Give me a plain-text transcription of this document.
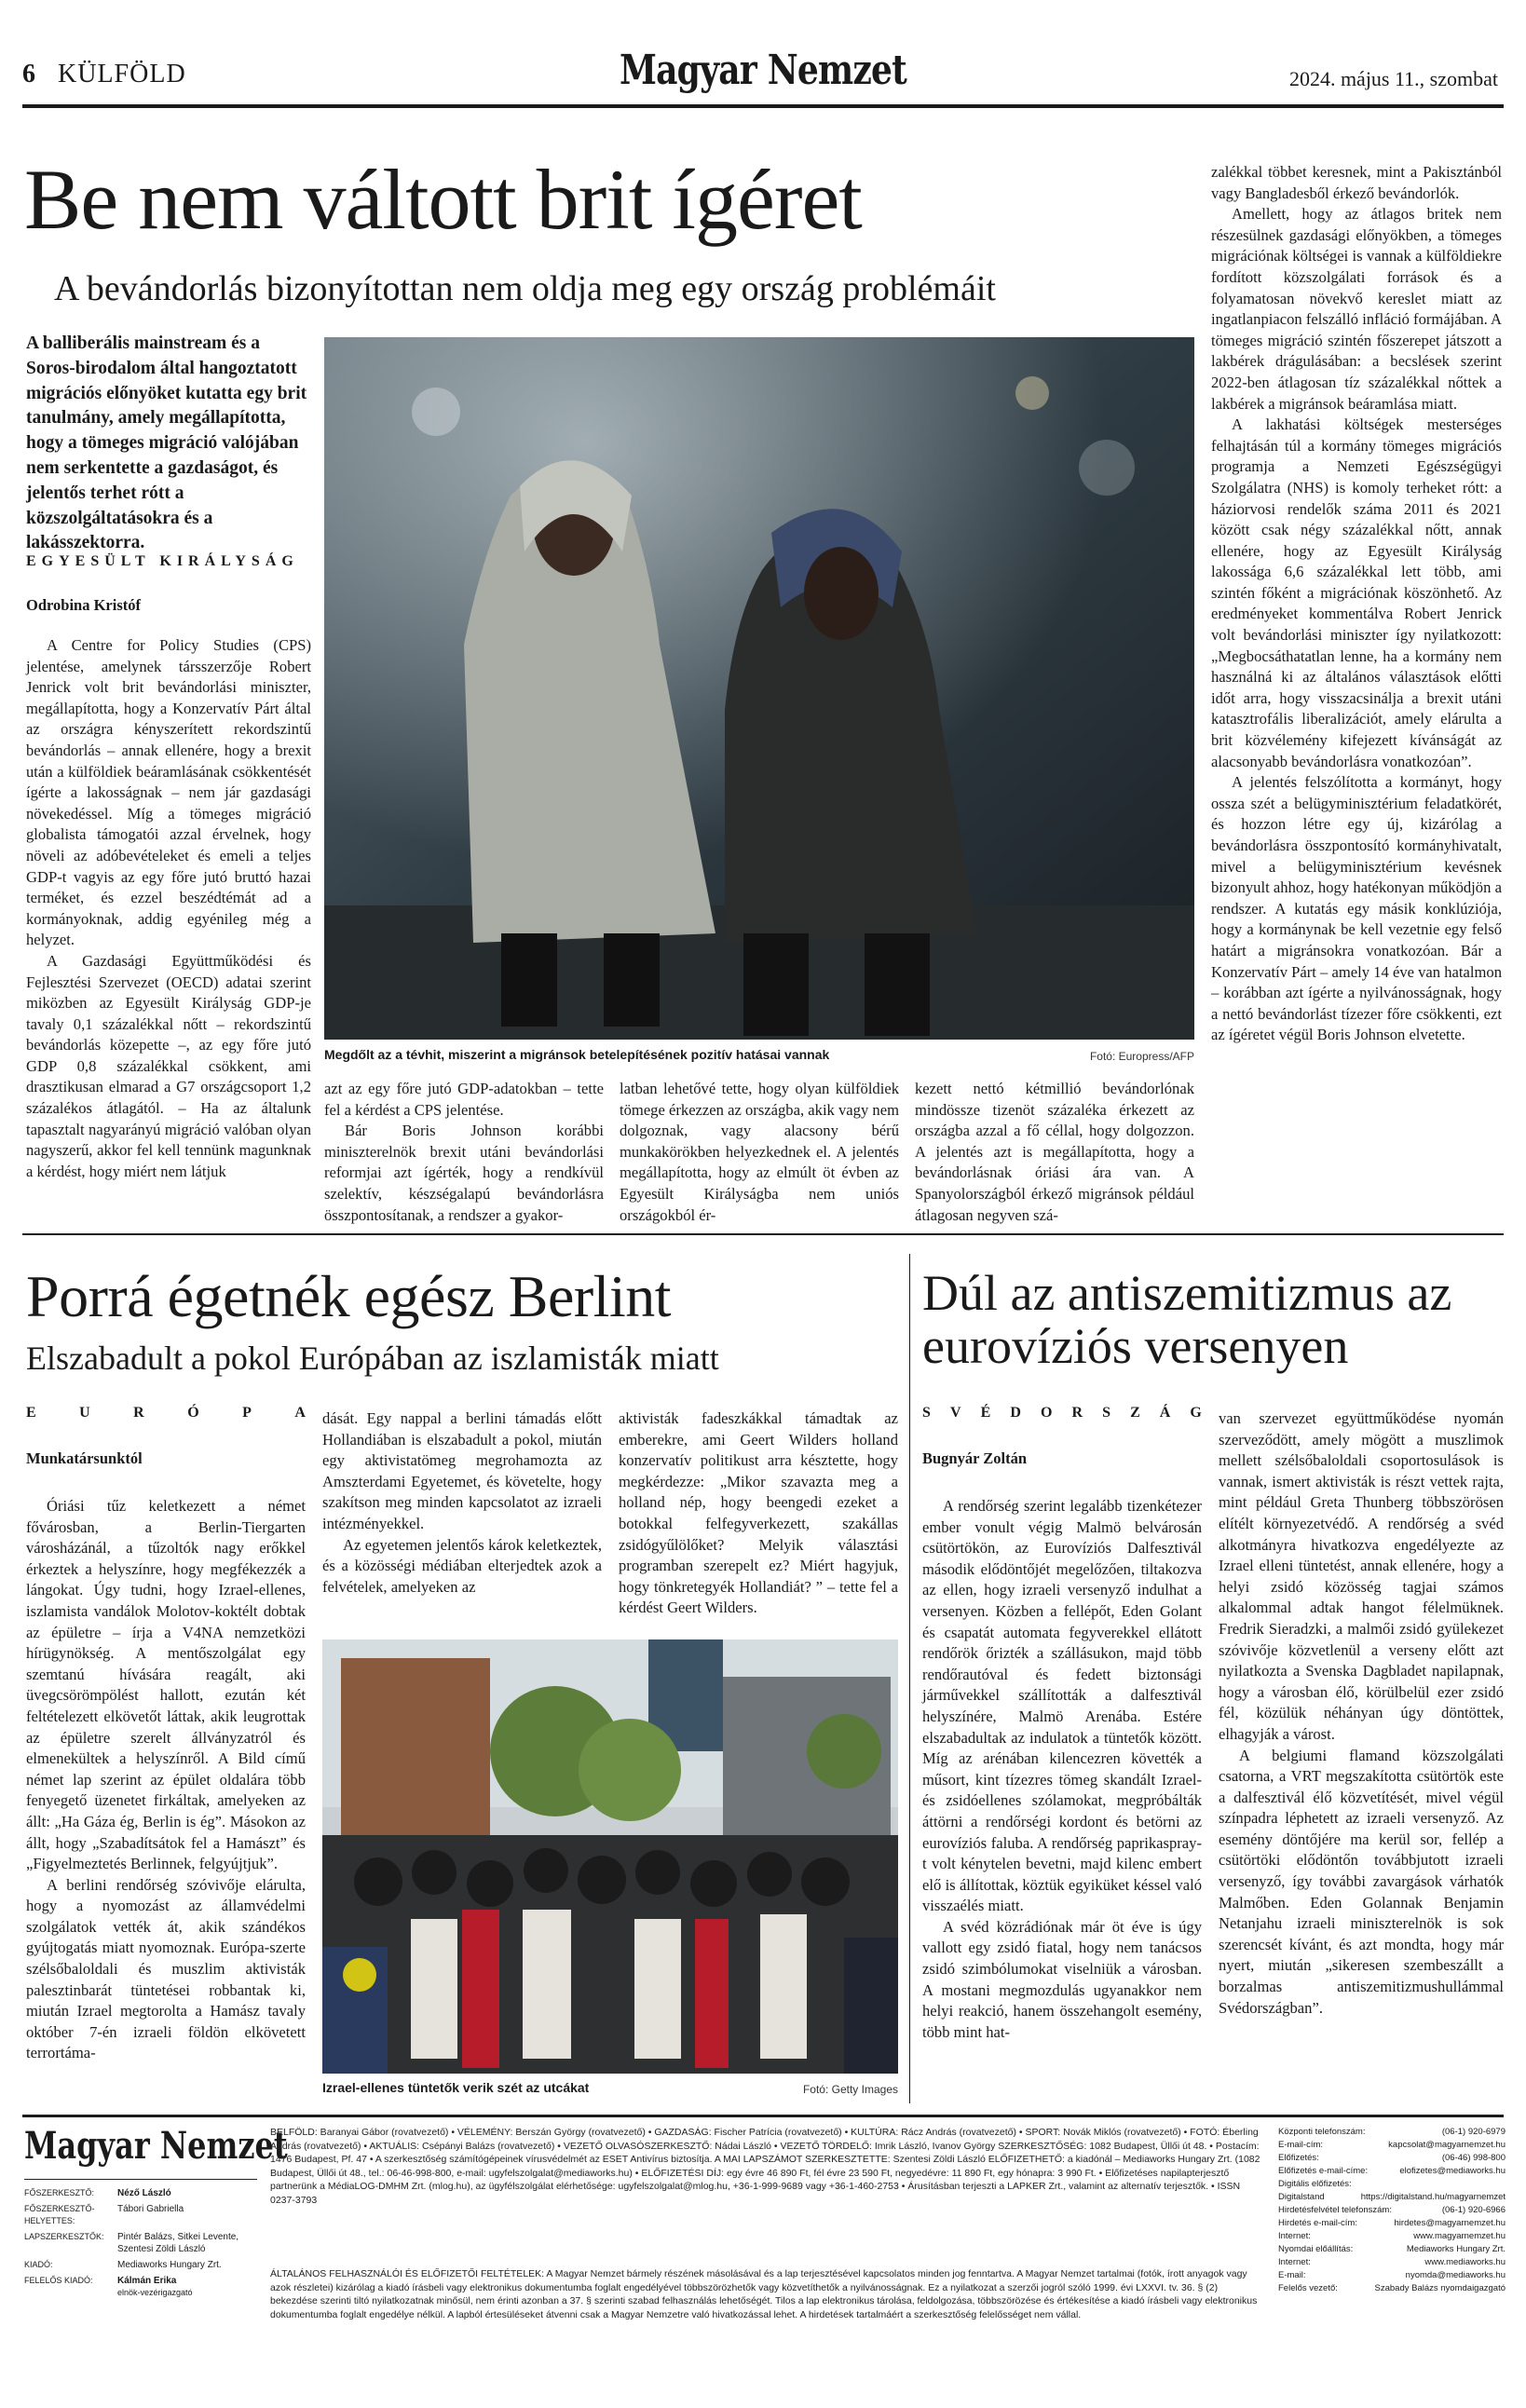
6 KÜLFÖLD	Magyar Nemzet	2024. május 11., szombat
Be nem váltott brit ígéret
A bevándorlás bizonyítottan nem oldja meg egy ország problémáit
A balliberális mainstream és a Soros-birodalom által hangoztatott migrációs előnyöket kutatta egy brit tanulmány, amely megállapította, hogy a tömeges migráció valójában nem serkentette a gazdaságot, és jelentős terhet rótt a közszolgáltatásokra és a lakásszektorra.
EGYESÜLT KIRÁLYSÁG
Odrobina Kristóf

A Centre for Policy Studies (CPS) jelentése, amelynek társszerzője Robert Jenrick volt brit bevándorlási miniszter, megállapította, hogy a Konzervatív Párt által az országra kényszerített rekordszintű bevándorlás – annak ellenére, hogy a brexit után a külföldiek beáramlásának csökkentését ígérte a lakosságnak – nem jár gazdasági növekedéssel. Míg a tömeges migráció globalista támogatói azzal érvelnek, hogy növeli az adóbevételeket és emeli a teljes GDP-t vagyis az egy főre jutó bruttó hazai terméket, és ezzel beszédtémát ad a kormányoknak, addig egyénileg még a helyzet.

A Gazdasági Együttműködési és Fejlesztési Szervezet (OECD) adatai szerint miközben az Egyesült Királyság GDP-je tavaly 0,1 százalékkal nőtt – rekordszintű bevándorlás közepette –, az egy főre jutó GDP 0,8 százalékkal csökkent, ami drasztikusan elmarad a G7 országcsoport 1,2 százalékos átlagától. – Ha az általunk tapasztalt nagyarányú migráció valóban olyan nagyszerű, akkor fel kell tennünk magunknak a kérdést, hogy miért nem látjuk

Megdőlt az a tévhit, miszerint a migránsok betelepítésének pozitív hatásai vannak	Fotó: Europress/AFP

azt az egy főre jutó GDP-adatokban – tette fel a kérdést a CPS jelentése.

Bár Boris Johnson korábbi miniszterelnök brexit utáni bevándorlási reformjai azt ígérték, hogy a rendkívül szelektív, készségalapú bevándorlásra összpontosítanak, a rendszer a gyakor-

latban lehetővé tette, hogy olyan külföldiek tömege érkezzen az országba, akik vagy nem dolgoznak, vagy alacsony bérű munkakörökben helyezkednek el. A jelentés megállapította, hogy az elmúlt öt évben az Egyesült Királyságba nem uniós országokból ér-

kezett nettó kétmillió bevándorlónak mindössze tizenöt százaléka érkezett az országba azzal a fő céllal, hogy dolgozzon. A jelentés azt is megállapította, hogy a bevándorlásnak óriási ára van. A Spanyolországból érkező migránsok például átlagosan negyven szá-

zalékkal többet keresnek, mint a Pakisztánból vagy Bangladesből érkező bevándorlók.

Amellett, hogy az átlagos britek nem részesülnek gazdasági előnyökben, a tömeges migrációnak költségei is vannak a külföldiekre fordított közszolgálati források és a folyamatosan növekvő kereslet miatt az ingatlanpiacon felszálló infláció formájában. A tömeges migráció szintén főszerepet játszott a lakbérek drágulásában: a becslések szerint 2022-ben átlagosan tíz százalékkal nőttek a lakbérek a migránsok beáramlása miatt.

A lakhatási költségek mesterséges felhajtásán túl a kormány tömeges migrációs programja a Nemzeti Egészségügyi Szolgálatra (NHS) is komoly terheket rótt: a háziorvosi rendelők száma 2011 és 2021 között csak négy százalékkal nőtt, annak ellenére, hogy az Egyesült Királyság lakossága 6,6 százalékkal lett több, ami szintén főként a migrációnak köszönhető. Az eredményeket kommentálva Robert Jenrick volt bevándorlási miniszter így nyilatkozott: „Megbocsáthatatlan lenne, ha a kormány nem használná ki az általános választások előtti időt arra, hogy visszacsinálja a brexit utáni katasztrofális liberalizációt, amely elárulta a brit közvélemény kifejezett kívánságát az alacsonyabb bevándorlásra vonatkozóan”.

A jelentés felszólította a kormányt, hogy ossza szét a belügyminisztérium feladatkörét, és hozzon létre egy új, kizárólag a bevándorlásra összpontosító kormányhivatalt, mivel a belügyminisztérium kevésnek bizonyult ahhoz, hogy hatékonyan működjön a rendszer. A kutatás egy másik konklúziója, hogy a kormánynak be kell vezetnie egy felső határt a migránsokra vonatkozóan. Bár a Konzervatív Párt – amely 14 éve van hatalmon – korábban azt ígérte a nyilvánosságnak, hogy a nettó bevándorlást tízezer főre csökkenti, ezt az ígéretet végül Boris Johnson elvetette.

Porrá égetnék egész Berlint
Elszabadult a pokol Európában az iszlamisták miatt
E	U	R	Ó	P	A
Munkatársunktól

Óriási tűz keletkezett a német fővárosban, a Berlin-Tiergarten városházánál, a tűzoltók nagy erőkkel érkeztek a helyszínre, hogy megfékezzék a lángokat. Úgy tudni, hogy Izrael-ellenes, iszlamista vandálok Molotov-koktélt dobtak az épületre – írja a V4NA nemzetközi hírügynökség. A mentőszolgálat egy szemtanú hívására reagált, aki üvegcsörömpölést hallott, ezután két feltételezett elkövetőt láttak, akik leugrottak az épületre szerelt állványzatról és elmenekültek a helyszínről. A Bild című német lap szerint az épület oldalára több fenyegető üzenetet firkáltak, amelyeken az állt: „Ha Gáza ég, Berlin is ég”. Másokon az állt, hogy „Szabadítsátok fel a Hamászt” és „Figyelmeztetés Berlinnek, felgyújtjuk”.

A berlini rendőrség szóvivője elárulta, hogy a nyomozást az államvédelmi szolgálatok vették át, akik szándékos gyújtogatás miatt nyomoznak. Európa-szerte szélsőbaloldali és muszlim aktivisták palesztinbarát tüntetései robbantak ki, miután Izrael megtorolta a Hamász tavaly október 7-én izraeli földön elkövetett terrortáma-

dását. Egy nappal a berlini támadás előtt Hollandiában is elszabadult a pokol, miután egy aktivistatömeg megrohamozta az Amszterdami Egyetemet, és követelte, hogy szakítson meg minden kapcsolatot az izraeli intézményekkel.

Az egyetemen jelentős károk keletkeztek, és a közösségi médiában elterjedtek azok a felvételek, amelyeken az

aktivisták fadeszkákkal támadtak az emberekre, ami Geert Wilders holland konzervatív politikust arra késztette, hogy megkérdezze: „Mikor szavazta meg a holland nép, hogy beengedi ezeket a botokkal felfegyverkezett, szakállas zsidógyűlölőket? Melyik választási programban szerepelt ez? Miért hagyjuk, hogy tönkretegyék Hollandiát? ” – tette fel a kérdést Geert Wilders.

Izrael-ellenes tüntetők verik szét az utcákat	Fotó: Getty Images
Dúl az antiszemitizmus az eurovíziós versenyen
S V É D O R S Z Á G
Bugnyár Zoltán

A rendőrség szerint legalább tizenkétezer ember vonult végig Malmö belvárosán csütörtökön, az Eurovíziós Dalfesztivál második elődöntőjét megelőzően, tiltakozva az ellen, hogy izraeli versenyző indulhat a versenyen. Közben a fellépőt, Eden Golant és csapatát automata fegyverekkel ellátott rendőrök őrizték a szállásukon, majd több rendőrautóval és fedett biztonsági járművekkel szállították a dalfesztivál helyszínére, Malmö Arenába. Estére elszabadultak az indulatok a tüntetők között. Míg az arénában kilencezren követték a műsort, kint tízezres tömeg skandált Izrael- és zsidóellenes szólamokat, megpróbálták áttörni a rendőrségi kordont és betörni az eurovíziós faluba. A rendőrség paprikaspray-t volt kénytelen bevetni, majd kilenc embert elő is állítottak, köztük egyiküket késsel való visszaélés miatt.

A svéd közrádiónak már öt éve is úgy vallott egy zsidó fiatal, hogy nem tanácsos zsidó szimbólumokat viselniük a városban. A mostani megmozdulás ugyanakkor nem helyi reakció, hanem összehangolt esemény, több mint hat-

van szervezet együttműködése nyomán szerveződött, amely mögött a muszlimok mellett szélsőbaloldali csoportosulások is vannak, ismert aktivisták is részt vettek rajta, mint például Greta Thunberg többszörösen elítélt környezetvédő. A rendőrség a svéd alkotmányra hivatkozva engedélyezte az Izrael elleni tüntetést, annak ellenére, hogy a helyi zsidó közösség tagjai számos alkalommal adtak hangot félelmüknek. Fredrik Sieradzki, a malmői zsidó gyülekezet szóvivője közvetlenül a verseny előtt azt nyilatkozta a Svenska Dagbladet napilapnak, hogy a városban élő, körülbelül ezer zsidó fél, közülük néhányan úgy döntöttek, elhagyják a várost.

A belgiumi flamand közszolgálati csatorna, a VRT megszakította csütörtök este a dalfesztivál élő közvetítését, mivel végül színpadra léphetett az izraeli versenyző. Az esemény döntőjére ma kerül sor, fellép a csütörtöki elődöntőn továbbjutott izraeli versenyző, így további zavargások várhatók Malmőben. Eden Golannak Benjamin Netanjahu izraeli miniszterelnök is sok szerencsét kívánt, és azt mondta, hogy már nyert, miután „sikeresen szembeszállt a borzalmas antiszemitizmushullámmal Svédországban”.

Magyar Nemzet
FŐSZERKESZTŐ:	Néző László
FŐSZERKESZTŐ-HELYETTES:
Tábori Gabriella
LAPSZERKESZTŐK:	Pintér Balázs, Sitkei Levente, Szentesi Zöldi László
KIADÓ:	Mediaworks Hungary Zrt.
FELELŐS KIADÓ:	Kálmán Erika
elnök-vezérigazgató
BELFÖLD: Baranyai Gábor (rovatvezető) • VÉLEMÉNY: Berszán György (rovatvezető) • GAZDASÁG: Fischer Patrícia (rovatvezető) • KULTÚRA: Rácz András (rovatvezető) • SPORT: Novák Miklós (rovatvezető) • FOTÓ: Éberling András (rovatvezető) • AKTUÁLIS: Csépányi Balázs (rovatvezető) • VEZETŐ OLVASÓSZERKESZTŐ: Nádai László • VEZETŐ TÖRDELŐ: Imrik László, Ivanov György SZERKESZTŐSÉG: 1082 Budapest, Üllői út 48. • Postacím: 1476 Budapest, Pf. 47 • A szerkesztőség számítógépeinek vírusvédelmét az ESET Antivírus biztosítja. A MAI LAPSZÁMOT SZERKESZTETTE: Szentesi Zöldi László ELŐFIZETHETŐ: a kiadónál – Mediaworks Hungary Zrt. (1082 Budapest, Üllői út 48., tel.: 06-46-998-800, e-mail: ugyfelszolgalat@mediaworks.hu) • ELŐFIZETÉSI DÍJ: egy évre 46 890 Ft, fél évre 23 590 Ft, negyedévre: 11 890 Ft, egy hónapra: 3 990 Ft. • Előfizetéses napilapterjesztő partnerünk a MédiaLOG-DMHM Zrt. (mlog.hu), az ügyfélszolgálat elérhetősége: ugyfelszolgalat@mlog.hu, +36-1-999-9689 vagy +36-1-460-2753 • Árusításban terjeszti a LAPKER Zrt., valamint az alternatív terjesztők. • ISSN 0237-3793
ÁLTALÁNOS FELHASZNÁLÓI ÉS ELŐFIZETŐI FELTÉTELEK: A Magyar Nemzet bármely részének másolásával és a lap terjesztésével kapcsolatos minden jog fenntartva. A Magyar Nemzet tartalmai (fotók, írott anyagok vagy azok részletei) kizárólag a kiadó írásbeli vagy elektronikus dokumentumba foglalt engedélyével többszörözhetők vagy közvetíthetők a nyilvánosságnak. Ez a nyilatkozat a szerzői jogról szóló 1999. évi LXXVI. tv. 36. § (2) bekezdése szerinti tiltó nyilatkozatnak minősül, nem érinti azonban a 37. § szerinti szabad felhasználás lehetőségét. Tilos a lap elektronikus tárolása, feldolgozása, többszörözése és értékesítése a kiadó írásbeli vagy elektronikus dokumentumba foglalt engedélye nélkül. A lapból értesüléseket átvenni csak a Magyar Nemzetre való hivatkozással lehet. A hirdetések tartalmáért a szerkesztőség felelősséget nem vállal.
Központi telefonszám:	(06-1) 920-6979
E-mail-cím:	kapcsolat@magyarnemzet.hu
Előfizetés:	(06-46) 998-800
Előfizetés e-mail-címe:	elofizetes@mediaworks.hu
Digitális előfizetés:
Digitalstand	https://digitalstand.hu/magyarnemzet
Hirdetésfelvétel telefonszám:	(06-1) 920-6966
Hirdetés e-mail-cím:	hirdetes@magyarnemzet.hu
Internet:	www.magyarnemzet.hu
Nyomdai előállítás:	Mediaworks Hungary Zrt.
Internet:	www.mediaworks.hu
E-mail:	nyomda@mediaworks.hu
Felelős vezető:	Szabady Balázs nyomdaigazgató
